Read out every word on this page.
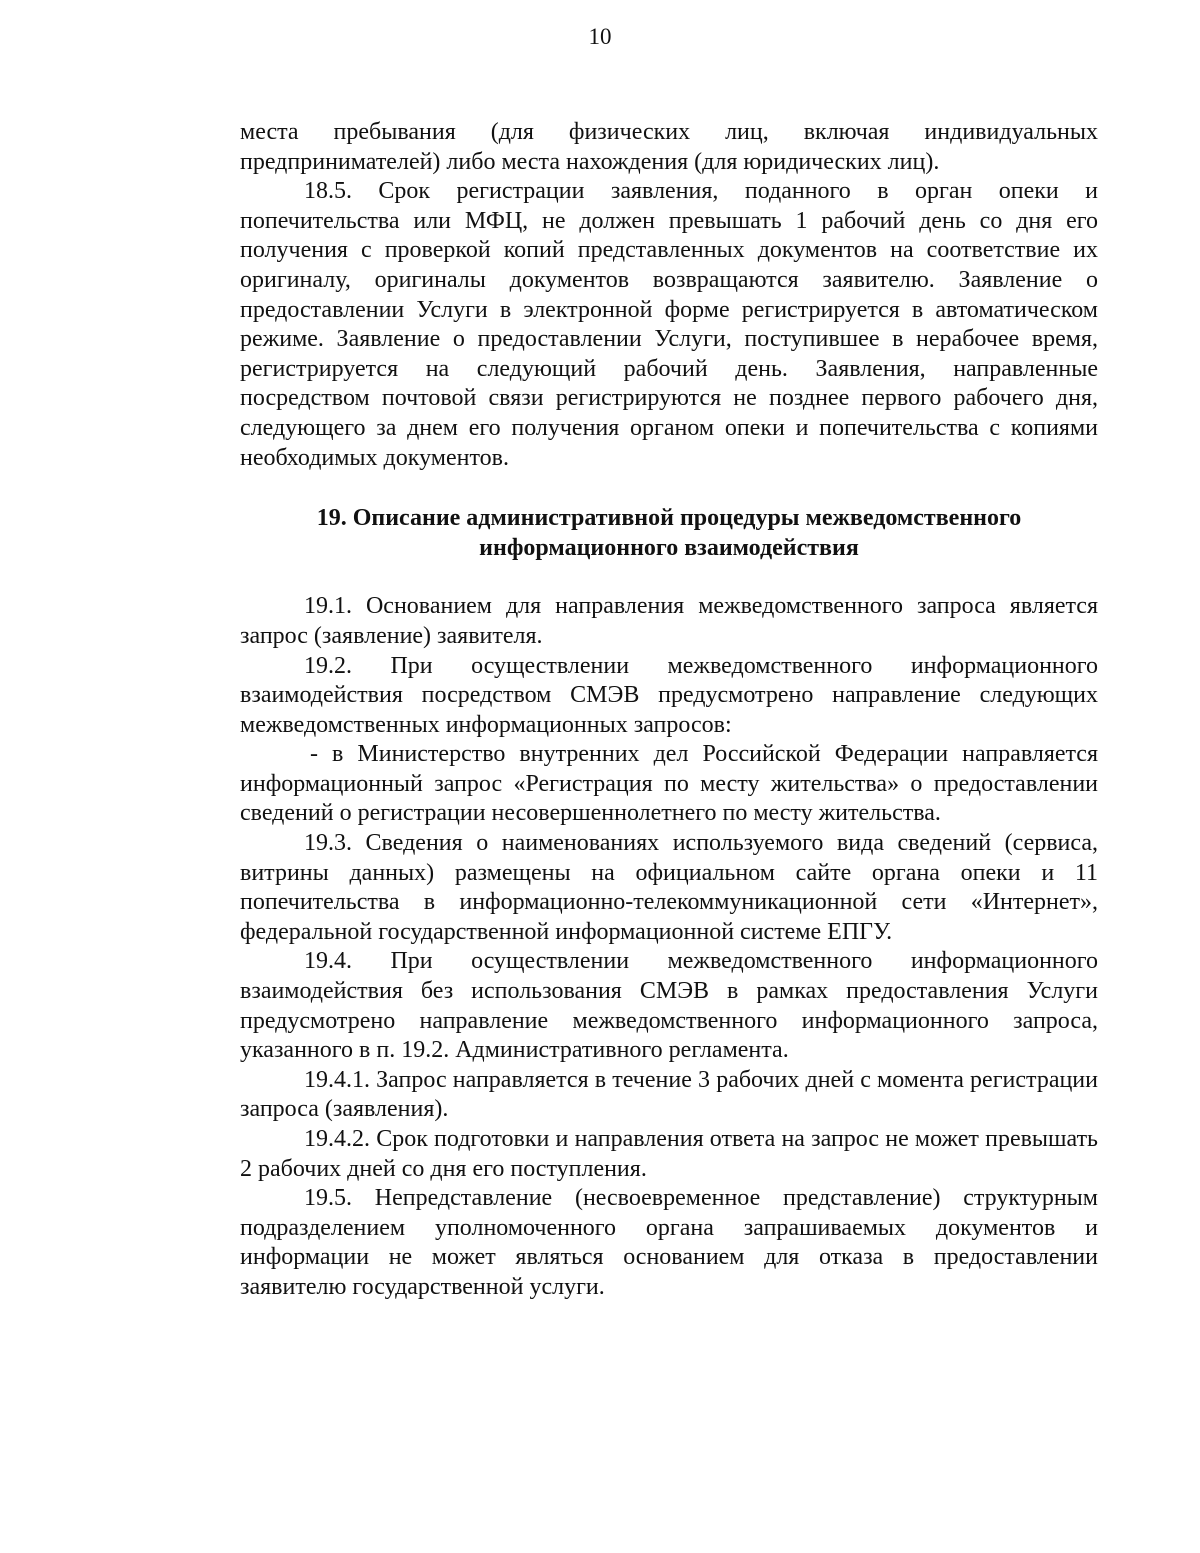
10

места пребывания (для физических лиц, включая индивидуальных предпринимателей) либо места нахождения (для юридических лиц).

18.5. Срок регистрации заявления, поданного в орган опеки и попечительства или МФЦ, не должен превышать 1 рабочий день со дня его получения с проверкой копий представленных документов на соответствие их оригиналу, оригиналы документов возвращаются заявителю. Заявление о предоставлении Услуги в электронной форме регистрируется в автоматическом режиме. Заявление о предоставлении Услуги, поступившее в нерабочее время, регистрируется на следующий рабочий день. Заявления, направленные посредством почтовой связи регистрируются не позднее первого рабочего дня, следующего за днем его получения органом опеки и попечительства с копиями необходимых документов.

19. Описание административной процедуры межведомственного
информационного взаимодействия

19.1. Основанием для направления межведомственного запроса является запрос (заявление) заявителя.

19.2. При осуществлении межведомственного информационного взаимодействия посредством СМЭВ предусмотрено направление следующих межведомственных информационных запросов:

- в Министерство внутренних дел Российской Федерации направляется информационный запрос «Регистрация по месту жительства» о предоставлении сведений о регистрации несовершеннолетнего по месту жительства.

19.3. Сведения о наименованиях используемого вида сведений (сервиса, витрины данных) размещены на официальном сайте органа опеки и 11 попечительства в информационно-телекоммуникационной сети «Интернет», федеральной государственной информационной системе ЕПГУ.

19.4. При осуществлении межведомственного информационного взаимодействия без использования СМЭВ в рамках предоставления Услуги предусмотрено направление межведомственного информационного запроса, указанного в п. 19.2. Административного регламента.

19.4.1. Запрос направляется в течение 3 рабочих дней с момента регистрации запроса (заявления).

19.4.2. Срок подготовки и направления ответа на запрос не может превышать 2 рабочих дней со дня его поступления.

19.5. Непредставление (несвоевременное представление) структурным подразделением уполномоченного органа запрашиваемых документов и информации не может являться основанием для отказа в предоставлении заявителю государственной услуги.
